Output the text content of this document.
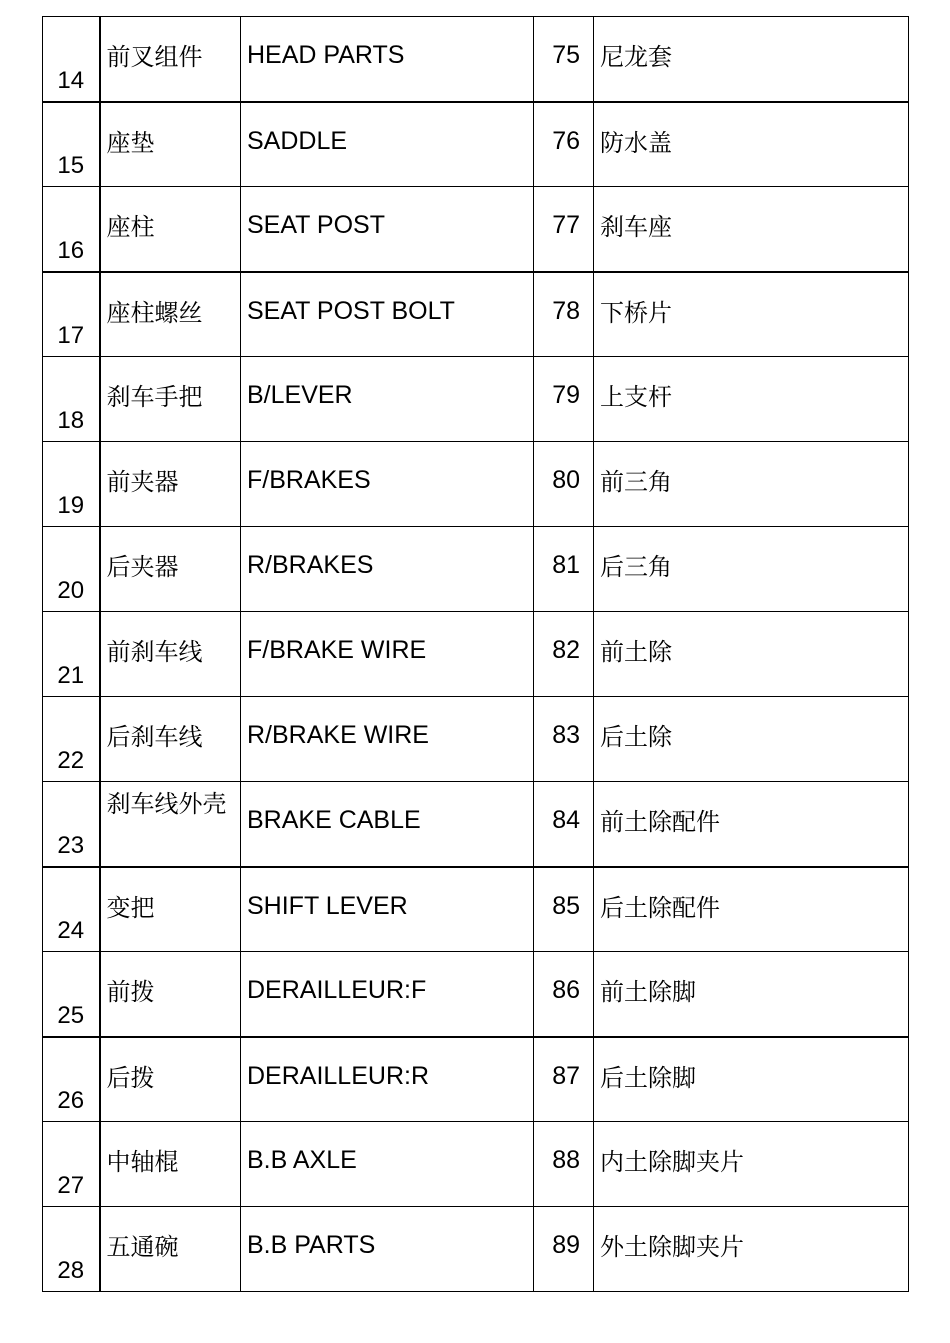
14	前叉组件	HEAD PARTS	75	尼龙套
15	座垫	SADDLE	76	防水盖
16	座柱	SEAT POST	77	刹车座
17	座柱螺丝	SEAT POST BOLT	78	下桥片
18	刹车手把	B/LEVER	79	上支杆
19	前夹器	F/BRAKES	80	前三角
20	后夹器	R/BRAKES	81	后三角
21	前刹车线	F/BRAKE WIRE	82	前土除
22	后刹车线	R/BRAKE WIRE	83	后土除
23	刹车线外壳	BRAKE CABLE	84	前土除配件
24	变把	SHIFT LEVER	85	后土除配件
25	前拨	DERAILLEUR:F	86	前土除脚
26	后拨	DERAILLEUR:R	87	后土除脚
27	中轴棍	B.B AXLE	88	内土除脚夹片
28	五通碗	B.B PARTS	89	外土除脚夹片
